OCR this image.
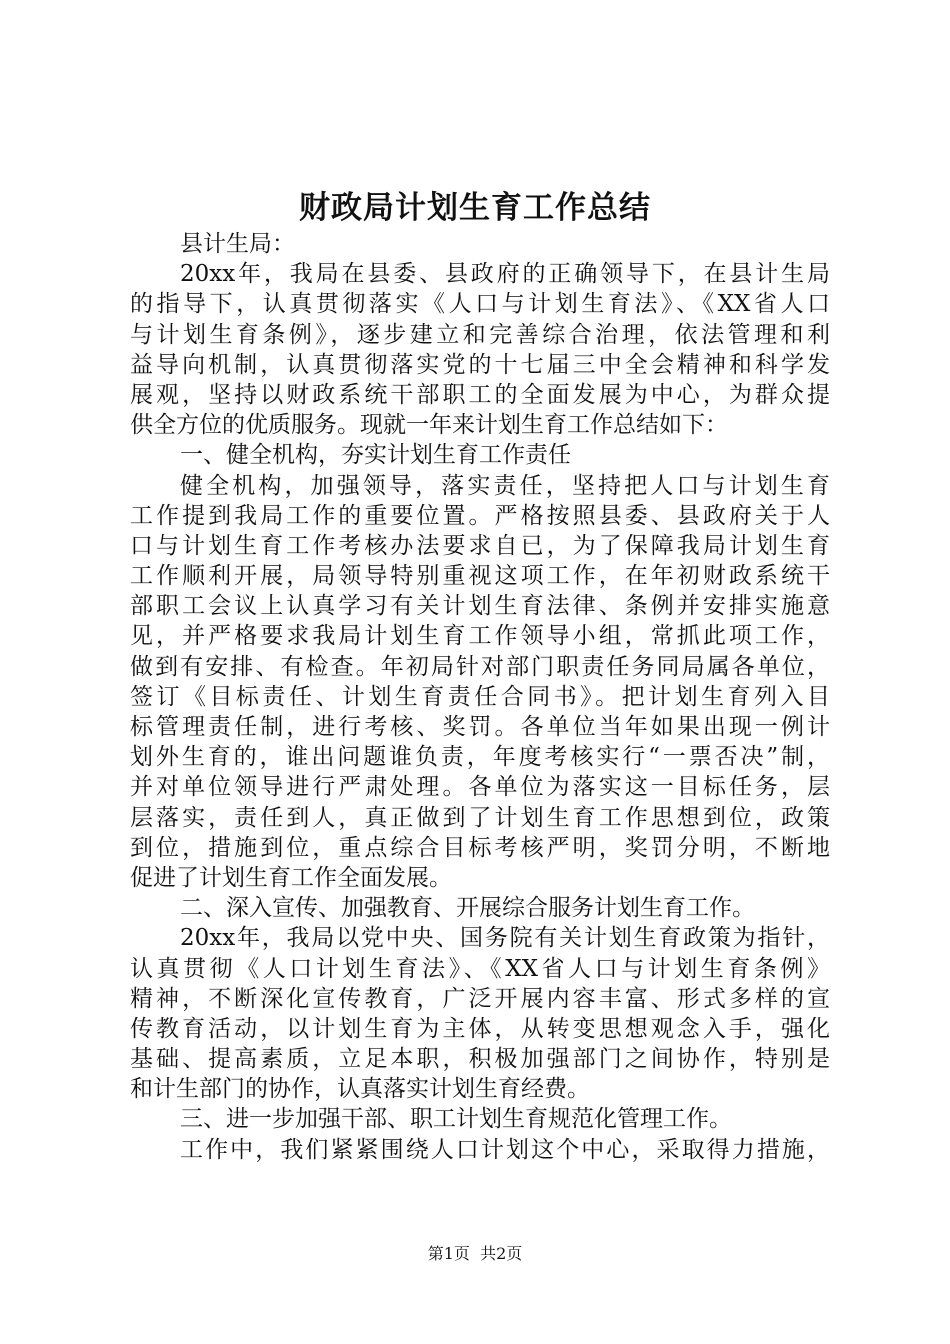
财政局计划生育工作总结
县计生局：
20xx年，我局在县委、县政府的正确领导下，在县计生局
的指导下，认真贯彻落实《人口与计划生育法》、《XX省人口
与计划生育条例》，逐步建立和完善综合治理，依法管理和利
益导向机制，认真贯彻落实党的十七届三中全会精神和科学发
展观，坚持以财政系统干部职工的全面发展为中心，为群众提
供全方位的优质服务。现就一年来计划生育工作总结如下：
一、健全机构，夯实计划生育工作责任
健全机构，加强领导，落实责任，坚持把人口与计划生育
工作提到我局工作的重要位置。严格按照县委、县政府关于人
口与计划生育工作考核办法要求自已，为了保障我局计划生育
工作顺利开展，局领导特别重视这项工作，在年初财政系统干
部职工会议上认真学习有关计划生育法律、条例并安排实施意
见，并严格要求我局计划生育工作领导小组，常抓此项工作，
做到有安排、有检查。年初局针对部门职责任务同局属各单位，
签订《目标责任、计划生育责任合同书》。把计划生育列入目
标管理责任制，进行考核、奖罚。各单位当年如果出现一例计
划外生育的，谁出问题谁负责，年度考核实行“一票否决”制，
并对单位领导进行严肃处理。各单位为落实这一目标任务，层
层落实，责任到人，真正做到了计划生育工作思想到位，政策
到位，措施到位，重点综合目标考核严明，奖罚分明，不断地
促进了计划生育工作全面发展。
二、深入宣传、加强教育、开展综合服务计划生育工作。
20xx年，我局以党中央、国务院有关计划生育政策为指针，
认真贯彻《人口计划生育法》、《XX省人口与计划生育条例》
精神，不断深化宣传教育，广泛开展内容丰富、形式多样的宣
传教育活动，以计划生育为主体，从转变思想观念入手，强化
基础、提高素质，立足本职，积极加强部门之间协作，特别是
和计生部门的协作，认真落实计划生育经费。
三、进一步加强干部、职工计划生育规范化管理工作。
工作中，我们紧紧围绕人口计划这个中心，采取得力措施，
第1页  共2页
